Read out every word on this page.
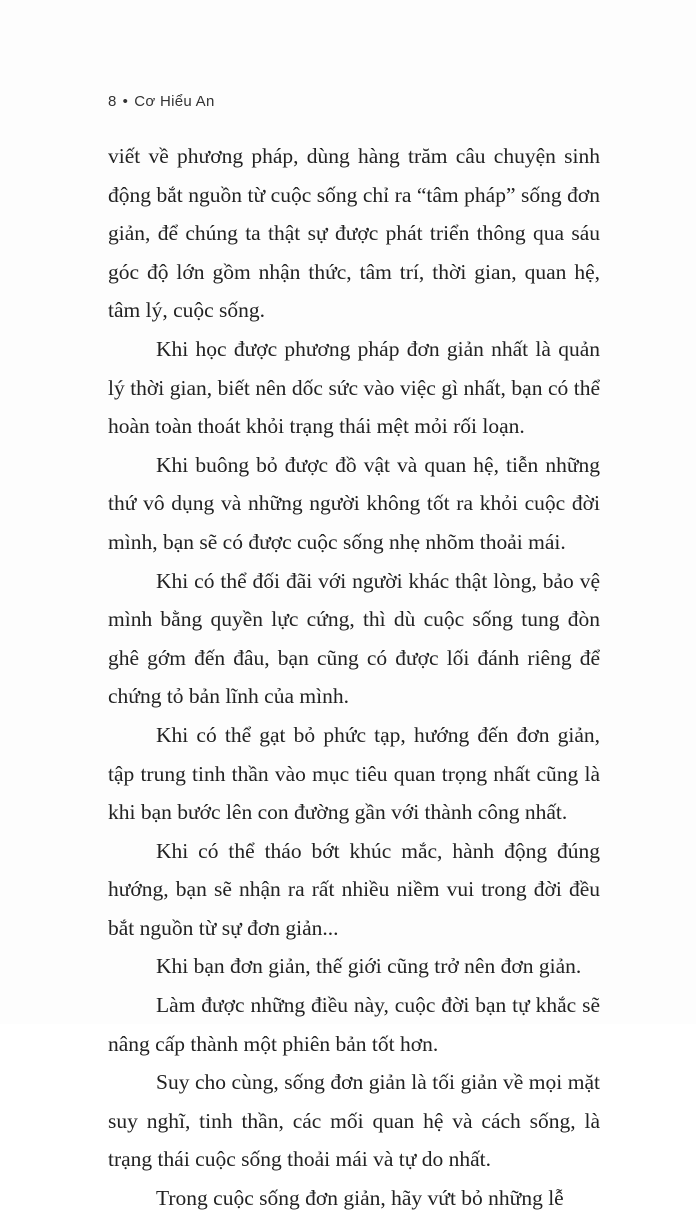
8 • Cơ Hiểu An

viết về phương pháp, dùng hàng trăm câu chuyện sinh động bắt nguồn từ cuộc sống chỉ ra “tâm pháp” sống đơn giản, để chúng ta thật sự được phát triển thông qua sáu góc độ lớn gồm nhận thức, tâm trí, thời gian, quan hệ, tâm lý, cuộc sống.

Khi học được phương pháp đơn giản nhất là quản lý thời gian, biết nên dốc sức vào việc gì nhất, bạn có thể hoàn toàn thoát khỏi trạng thái mệt mỏi rối loạn.

Khi buông bỏ được đồ vật và quan hệ, tiễn những thứ vô dụng và những người không tốt ra khỏi cuộc đời mình, bạn sẽ có được cuộc sống nhẹ nhõm thoải mái.

Khi có thể đối đãi với người khác thật lòng, bảo vệ mình bằng quyền lực cứng, thì dù cuộc sống tung đòn ghê gớm đến đâu, bạn cũng có được lối đánh riêng để chứng tỏ bản lĩnh của mình.

Khi có thể gạt bỏ phức tạp, hướng đến đơn giản, tập trung tinh thần vào mục tiêu quan trọng nhất cũng là khi bạn bước lên con đường gần với thành công nhất.

Khi có thể tháo bớt khúc mắc, hành động đúng hướng, bạn sẽ nhận ra rất nhiều niềm vui trong đời đều bắt nguồn từ sự đơn giản...

Khi bạn đơn giản, thế giới cũng trở nên đơn giản.

Làm được những điều này, cuộc đời bạn tự khắc sẽ nâng cấp thành một phiên bản tốt hơn.

Suy cho cùng, sống đơn giản là tối giản về mọi mặt suy nghĩ, tinh thần, các mối quan hệ và cách sống, là trạng thái cuộc sống thoải mái và tự do nhất.

Trong cuộc sống đơn giản, hãy vứt bỏ những lễ
